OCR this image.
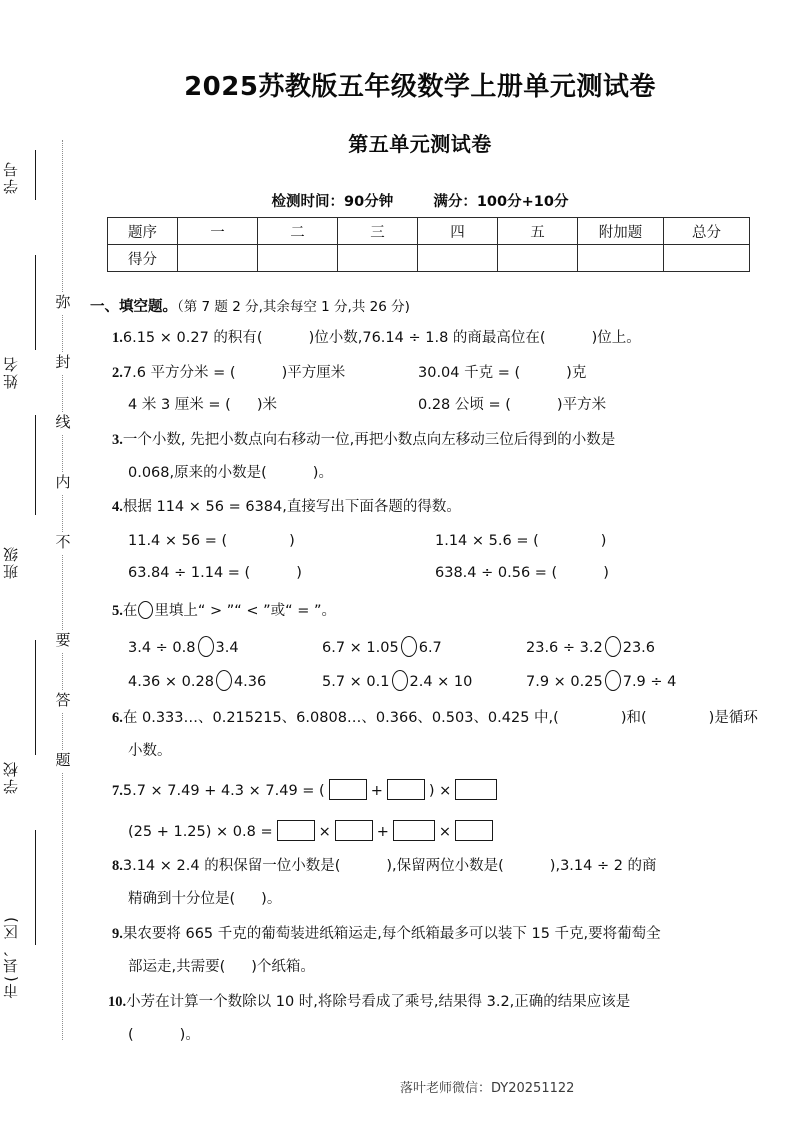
弥
封
线
内
不
要
答
题
学号
姓名
班级
学校
市(县、区)
2025苏教版五年级数学上册单元测试卷
第五单元测试卷
检测时间：90分钟	满分：100分+10分
题序	一	二	三	四	五	附加题	总分
得分							
一、填空题。（第 7 题 2 分,其余每空 1 分,共 26 分)
1.6.15 × 0.27 的积有(	)位小数,76.14 ÷ 1.8 的商最高位在(	)位上。
2.7.6 平方分米 = (	)平方厘米	30.04 千克 = (	)克
4 米 3 厘米 = ( )米	0.28 公顷 = (	)平方米
3.一个小数, 先把小数点向右移动一位,再把小数点向左移动三位后得到的小数是
0.068,原来的小数是(	)。
4.根据 114 × 56 = 6384,直接写出下面各题的得数。
11.4 × 56 = (	)	1.14 × 5.6 = (	)
63.84 ÷ 1.14 = (	)	638.4 ÷ 0.56 = (	)
5.在 里填上“ > ”“ < ”或“ = ”。
3.4 ÷ 0.8 3.4	6.7 × 1.05 6.7	23.6 ÷ 3.2 23.6
4.36 × 0.28 4.36	5.7 × 0.1 2.4 × 10	7.9 × 0.25 7.9 ÷ 4
6.在 0.333…、0.215215、6.0808…、0.366、0.503、0.425 中,(	)和(	)是循环
小数。
7.5.7 × 7.49 + 4.3 × 7.49 = (	+	) ×
(25 + 1.25) × 0.8 =	×	+	×
8.3.14 × 2.4 的积保留一位小数是(	),保留两位小数是(	),3.14 ÷ 2 的商
精确到十分位是( )。
9.果农要将 665 千克的葡萄装进纸箱运走,每个纸箱最多可以装下 15 千克,要将葡萄全
部运走,共需要( )个纸箱。
10.小芳在计算一个数除以 10 时,将除号看成了乘号,结果得 3.2,正确的结果应该是
(	)。
落叶老师微信：DY20251122
